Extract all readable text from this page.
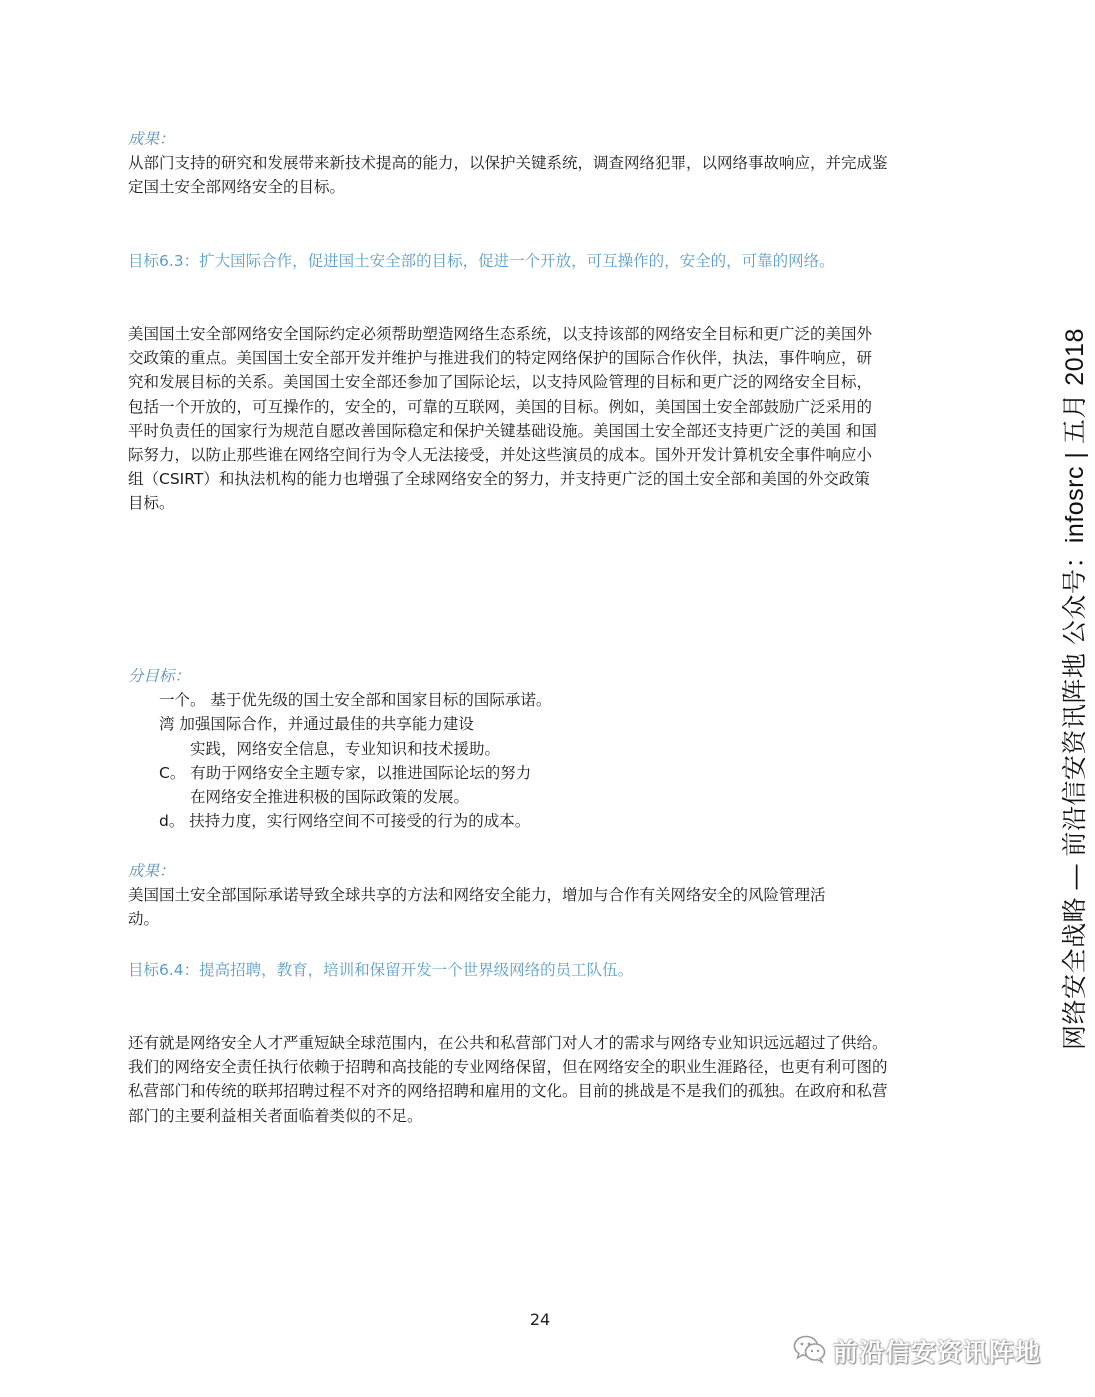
成果：
从部门支持的研究和发展带来新技术提高的能力，以保护关键系统，调查网络犯罪，以网络事故响应，并完成鉴
定国土安全部网络安全的目标。
目标6.3：扩大国际合作，促进国土安全部的目标，促进一个开放，可互操作的，安全的，可靠的网络。
美国国土安全部网络安全国际约定必须帮助塑造网络生态系统，以支持该部的网络安全目标和更广泛的美国外
交政策的重点。美国国土安全部开发并维护与推进我们的特定网络保护的国际合作伙伴，执法，事件响应，研
究和发展目标的关系。美国国土安全部还参加了国际论坛，以支持风险管理的目标和更广泛的网络安全目标，
包括一个开放的，可互操作的，安全的，可靠的互联网，美国的目标。例如，美国国土安全部鼓励广泛采用的
平时负责任的国家行为规范自愿改善国际稳定和保护关键基础设施。美国国土安全部还支持更广泛的美国 和国
际努力，以防止那些谁在网络空间行为令人无法接受，并处这些演员的成本。国外开发计算机安全事件响应小
组（CSIRT）和执法机构的能力也增强了全球网络安全的努力，并支持更广泛的国土安全部和美国的外交政策
目标。
分目标：
一个。 基于优先级的国土安全部和国家目标的国际承诺。
湾 加强国际合作，并通过最佳的共享能力建设
实践，网络安全信息，专业知识和技术援助。
C。 有助于网络安全主题专家，以推进国际论坛的努力
在网络安全推进积极的国际政策的发展。
d。 扶持力度，实行网络空间不可接受的行为的成本。
成果：
美国国土安全部国际承诺导致全球共享的方法和网络安全能力，增加与合作有关网络安全的风险管理活
动。
目标6.4：提高招聘，教育，培训和保留开发一个世界级网络的员工队伍。
还有就是网络安全人才严重短缺全球范围内，在公共和私营部门对人才的需求与网络专业知识远远超过了供给。
我们的网络安全责任执行依赖于招聘和高技能的专业网络保留，但在网络安全的职业生涯路径，也更有利可图的
私营部门和传统的联邦招聘过程不对齐的网络招聘和雇用的文化。目前的挑战是不是我们的孤独。在政府和私营
部门的主要利益相关者面临着类似的不足。
网络安全战略 — 前沿信安资讯阵地 公众号：infosrc | 五月 2018
24
前沿信安资讯阵地
